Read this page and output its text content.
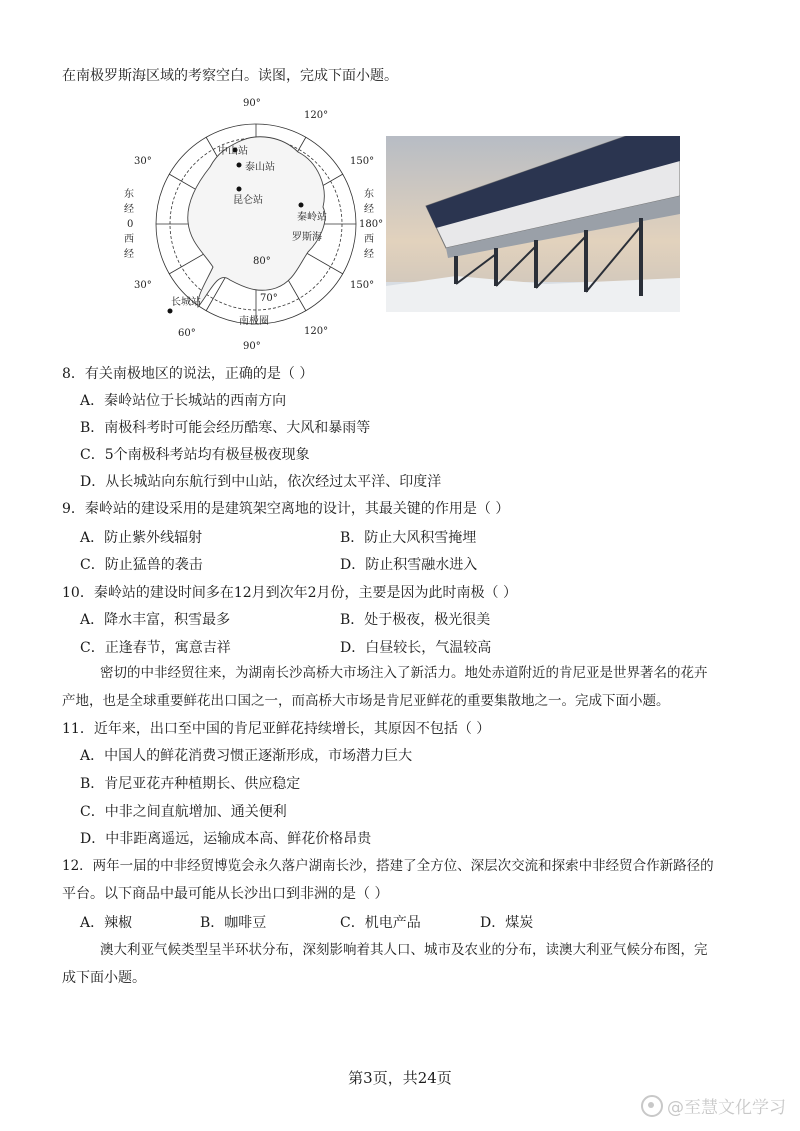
在南极罗斯海区域的考察空白。读图，完成下面小题。
中山站
泰山站
昆仑站
秦岭站
长城站
罗斯海
南极圈
90°
120°
150°
150°
120°
90°
60°
30°
30°
80°
70°
东
经
0
西
经
东
经
180°
西
经
8．有关南极地区的说法，正确的是（ ）
A．秦岭站位于长城站的西南方向
B．南极科考时可能会经历酷寒、大风和暴雨等
C．5个南极科考站均有极昼极夜现象
D．从长城站向东航行到中山站，依次经过太平洋、印度洋
9．秦岭站的建设采用的是建筑架空离地的设计，其最关键的作用是（ ）
A．防止紫外线辐射	B．防止大风积雪掩埋
C．防止猛兽的袭击	D．防止积雪融水进入
10．秦岭站的建设时间多在12月到次年2月份，主要是因为此时南极（ ）
A．降水丰富，积雪最多	B．处于极夜，极光很美
C．正逢春节，寓意吉祥	D．白昼较长，气温较高
密切的中非经贸往来，为湖南长沙高桥大市场注入了新活力。地处赤道附近的肯尼亚是世界著名的花卉
产地，也是全球重要鲜花出口国之一，而高桥大市场是肯尼亚鲜花的重要集散地之一。完成下面小题。
11．近年来，出口至中国的肯尼亚鲜花持续增长，其原因不包括（ ）
A．中国人的鲜花消费习惯正逐渐形成，市场潜力巨大
B．肯尼亚花卉种植期长、供应稳定
C．中非之间直航增加、通关便利
D．中非距离遥远，运输成本高、鲜花价格昂贵
12．两年一届的中非经贸博览会永久落户湖南长沙，搭建了全方位、深层次交流和探索中非经贸合作新路径的
平台。以下商品中最可能从长沙出口到非洲的是（ ）
A．辣椒	B．咖啡豆	C．机电产品	D．煤炭
澳大利亚气候类型呈半环状分布，深刻影响着其人口、城市及农业的分布，读澳大利亚气候分布图，完
成下面小题。
第3页，共24页
@至慧文化学习
